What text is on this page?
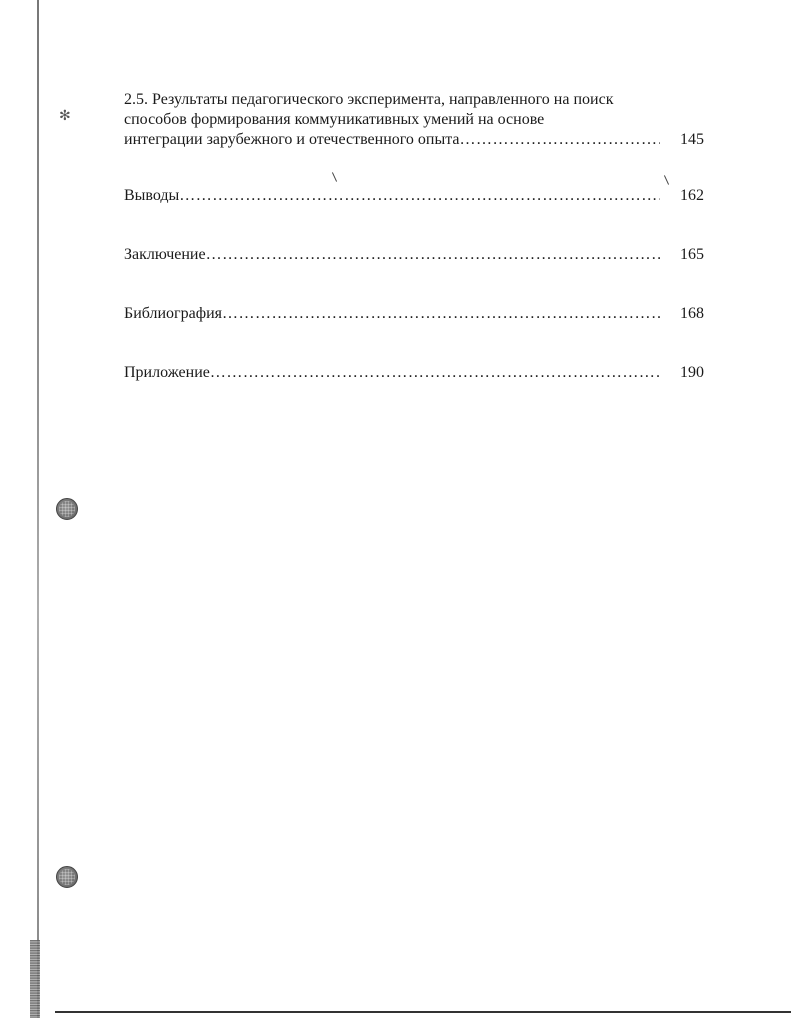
✻
2.5. Результаты педагогического эксперимента, направленного на поиск
способов формирования коммуникативных умений на основе
интеграции зарубежного и отечественного опыта ………………………………………………………………………………………………………………………………………………	145
Выводы ………………………………………………………………………………………………………………………………………………	162
Заключение ………………………………………………………………………………………………………………………………………………	165
Библиография ………………………………………………………………………………………………………………………………………………	168
Приложение ………………………………………………………………………………………………………………………………………………	190
